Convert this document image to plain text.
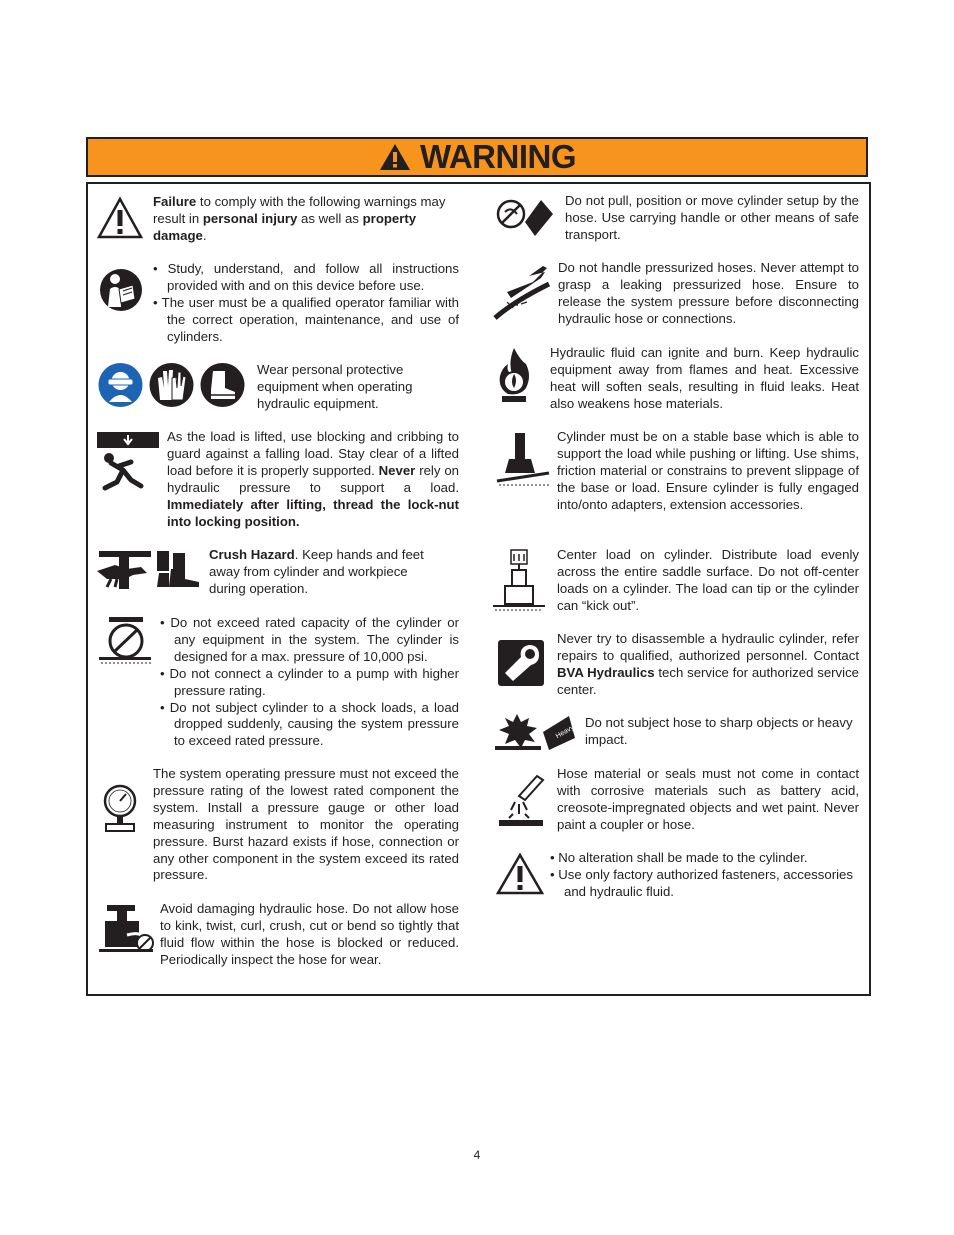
WARNING

Failure to comply with the following warnings may result in personal injury as well as property damage.

• Study, understand, and follow all instructions provided with and on this device before use.
• The user must be a qualified operator familiar with the correct operation, maintenance, and use of cylinders.

Wear personal protective equipment when operating hydraulic equipment.

As the load is lifted, use blocking and cribbing to guard against a falling load. Stay clear of a lifted load before it is properly supported. Never rely on hydraulic pressure to support a load. Immediately after lifting, thread the lock-nut into locking position.

Crush Hazard. Keep hands and feet away from cylinder and workpiece during operation.

• Do not exceed rated capacity of the cylinder or any equipment in the system. The cylinder is designed for a max. pressure of 10,000 psi.
• Do not connect a cylinder to a pump with higher pressure rating.
• Do not subject cylinder to a shock loads, a load dropped suddenly, causing the system pressure to exceed rated pressure.

The system operating pressure must not exceed the pressure rating of the lowest rated component the system. Install a pressure gauge or other load measuring instrument to monitor the operating pressure. Burst hazard exists if hose, connection or any other component in the system exceed its rated pressure.

Avoid damaging hydraulic hose. Do not allow hose to kink, twist, curl, crush, cut or bend so tightly that fluid flow within the hose is blocked or reduced. Periodically inspect the hose for wear.

Do not pull, position or move cylinder setup by the hose. Use carrying handle or other means of safe transport.

Do not handle pressurized hoses. Never attempt to grasp a leaking pressurized hose. Ensure to release the system pressure before disconnecting hydraulic hose or connections.

Hydraulic fluid can ignite and burn. Keep hydraulic equipment away from flames and heat. Excessive heat will soften seals, resulting in fluid leaks. Heat also weakens hose materials.

Cylinder must be on a stable base which is able to support the load while pushing or lifting. Use shims, friction material or constrains to prevent slippage of the base or load. Ensure cylinder is fully engaged into/onto adapters, extension accessories.

Center load on cylinder. Distribute load evenly across the entire saddle surface. Do not off-center loads on a cylinder. The load can tip or the cylinder can “kick out”.

Never try to disassemble a hydraulic cylinder, refer repairs to qualified, authorized personnel. Contact BVA Hydraulics tech service for authorized service center.

Heavy

Do not subject hose to sharp objects or heavy impact.

Hose material or seals must not come in contact with corrosive materials such as battery acid, creosote-impregnated objects and wet paint. Never paint a coupler or hose.

• No alteration shall be made to the cylinder.
• Use only factory authorized fasteners, accessories and hydraulic fluid.
4
